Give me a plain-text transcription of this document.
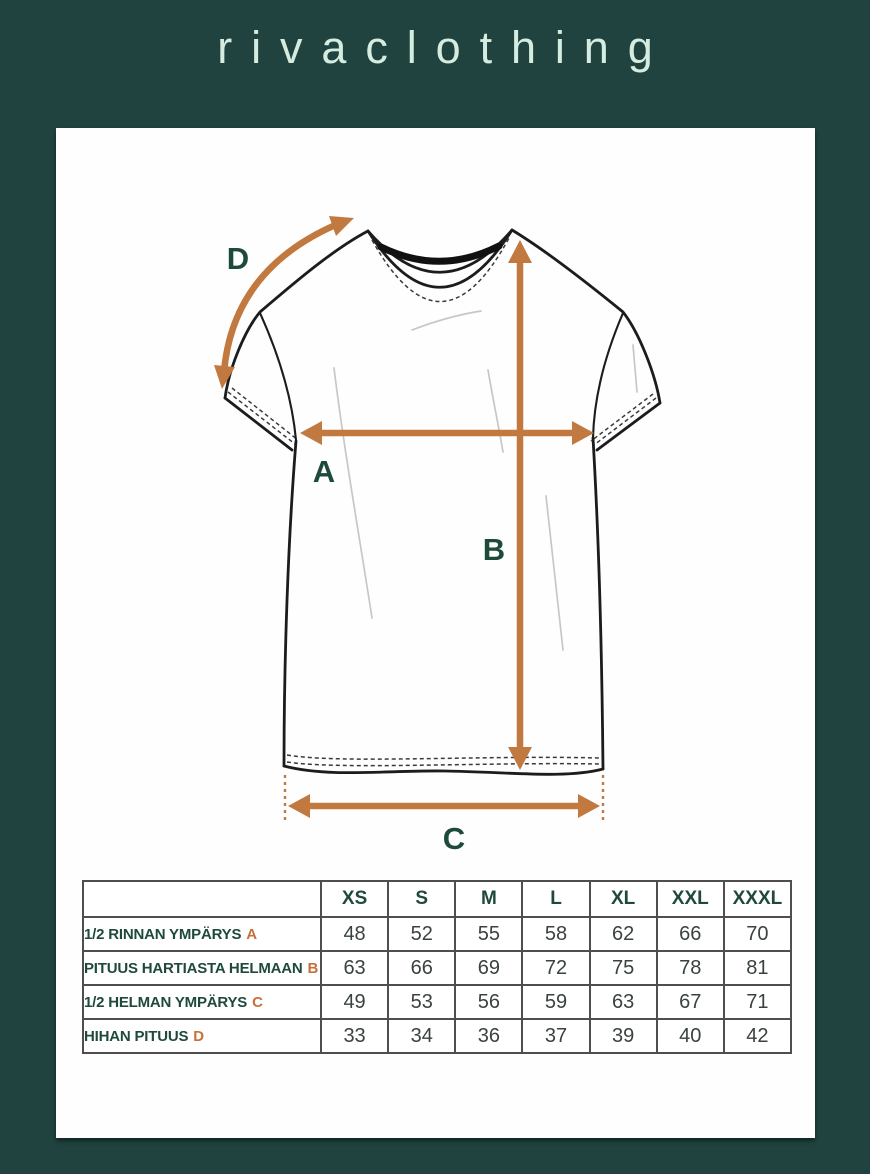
rivaclothing
D
A
B
C
	XS	S	M	L	XL	XXL	XXXL
1/2 RINNAN YMPÄRYS A	48	52	55	58	62	66	70
PITUUS HARTIASTA HELMAAN B	63	66	69	72	75	78	81
1/2 HELMAN YMPÄRYS C	49	53	56	59	63	67	71
HIHAN PITUUS D	33	34	36	37	39	40	42
